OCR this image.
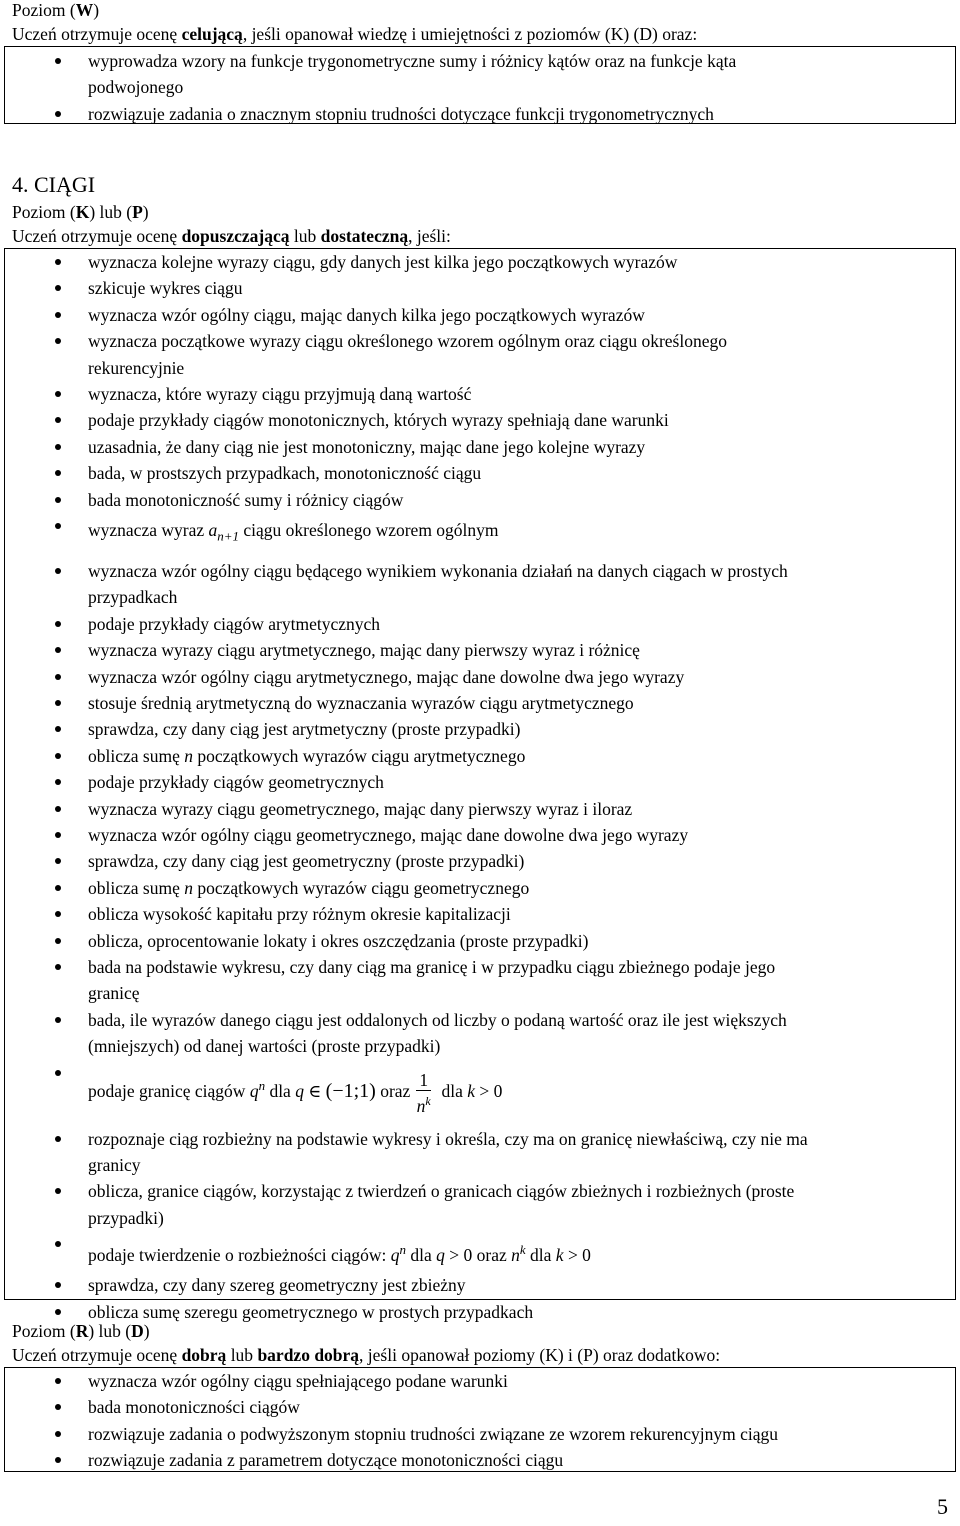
Poziom (W)
Uczeń otrzymuje ocenę celującą, jeśli opanował wiedzę i umiejętności z poziomów (K) (D) oraz:
wyprowadza wzory na funkcje trygonometryczne sumy i różnicy kątów oraz na funkcje kąta
podwojonego
rozwiązuje zadania o znacznym stopniu trudności dotyczące funkcji trygonometrycznych
4. CIĄGI
Poziom (K) lub (P)
Uczeń otrzymuje ocenę dopuszczającą lub dostateczną, jeśli:
wyznacza kolejne wyrazy ciągu, gdy danych jest kilka jego początkowych wyrazów
szkicuje wykres ciągu
wyznacza wzór ogólny ciągu, mając danych kilka jego początkowych wyrazów
wyznacza początkowe wyrazy ciągu określonego wzorem ogólnym oraz ciągu określonego
rekurencyjnie
wyznacza, które wyrazy ciągu przyjmują daną wartość
podaje przykłady ciągów monotonicznych, których wyrazy spełniają dane warunki
uzasadnia, że dany ciąg nie jest monotoniczny, mając dane jego kolejne wyrazy
bada, w prostszych przypadkach, monotoniczność ciągu
bada monotoniczność sumy i różnicy ciągów
wyznacza wyraz $a_{n+1}$ ciągu określonego wzorem ogólnym
wyznacza wzór ogólny ciągu będącego wynikiem wykonania działań na danych ciągach w prostych
przypadkach
podaje przykłady ciągów arytmetycznych
wyznacza wyrazy ciągu arytmetycznego, mając dany pierwszy wyraz i różnicę
wyznacza wzór ogólny ciągu arytmetycznego, mając dane dowolne dwa jego wyrazy
stosuje średnią arytmetyczną do wyznaczania wyrazów ciągu arytmetycznego
sprawdza, czy dany ciąg jest arytmetyczny (proste przypadki)
oblicza sumę n początkowych wyrazów ciągu arytmetycznego
podaje przykłady ciągów geometrycznych
wyznacza wyrazy ciągu geometrycznego, mając dany pierwszy wyraz i iloraz
wyznacza wzór ogólny ciągu geometrycznego, mając dane dowolne dwa jego wyrazy
sprawdza, czy dany ciąg jest geometryczny (proste przypadki)
oblicza sumę n początkowych wyrazów ciągu geometrycznego
oblicza wysokość kapitału przy różnym okresie kapitalizacji
oblicza, oprocentowanie lokaty i okres oszczędzania (proste przypadki)
bada na podstawie wykresu, czy dany ciąg ma granicę i w przypadku ciągu zbieżnego podaje jego
granicę
bada, ile wyrazów danego ciągu jest oddalonych od liczby o podaną wartość oraz ile jest większych
(mniejszych) od danej wartości (proste przypadki)
podaje granicę ciągów $q^n$ dla q ∈ (−1;1) oraz $\frac{1}{n^k}$ dla k > 0
rozpoznaje ciąg rozbieżny na podstawie wykresy i określa, czy ma on granicę niewłaściwą, czy nie ma
granicy
oblicza, granice ciągów, korzystając z twierdzeń o granicach ciągów zbieżnych i rozbieżnych (proste
przypadki)
podaje twierdzenie o rozbieżności ciągów: $q^n$ dla q > 0 oraz $n^k$ dla k > 0
sprawdza, czy dany szereg geometryczny jest zbieżny
oblicza sumę szeregu geometrycznego w prostych przypadkach
Poziom (R) lub (D)
Uczeń otrzymuje ocenę dobrą lub bardzo dobrą, jeśli opanował poziomy (K) i (P) oraz dodatkowo:
wyznacza wzór ogólny ciągu spełniającego podane warunki
bada monotoniczności ciągów
rozwiązuje zadania o podwyższonym stopniu trudności związane ze wzorem rekurencyjnym ciągu
rozwiązuje zadania z parametrem dotyczące monotoniczności ciągu
5
